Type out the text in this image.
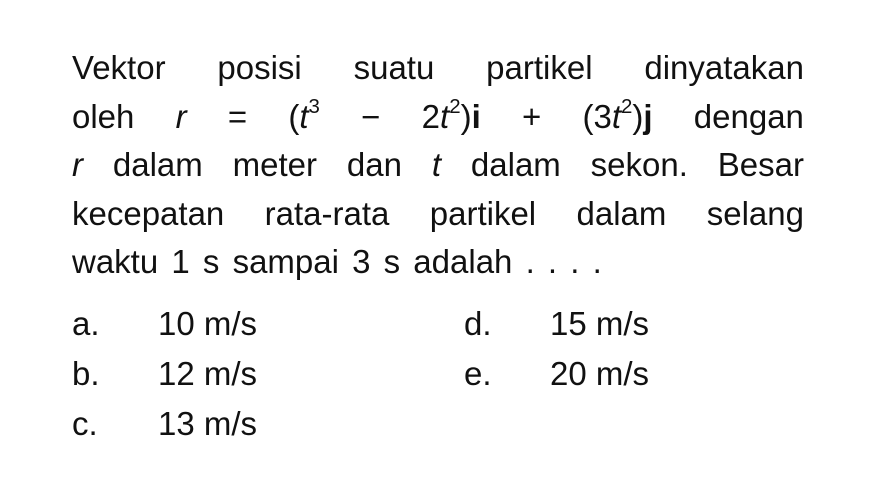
Vektor posisi suatu partikel dinyatakan
oleh $r = (t^3 - 2t^2)i + (3t^2)j$ dengan
r dalam meter dan t dalam sekon. Besar
kecepatan rata-rata partikel dalam selang
waktu 1 s sampai 3 s adalah . . . .
a. 10 m/s
b. 12 m/s
c. 13 m/s
d. 15 m/s
e. 20 m/s
